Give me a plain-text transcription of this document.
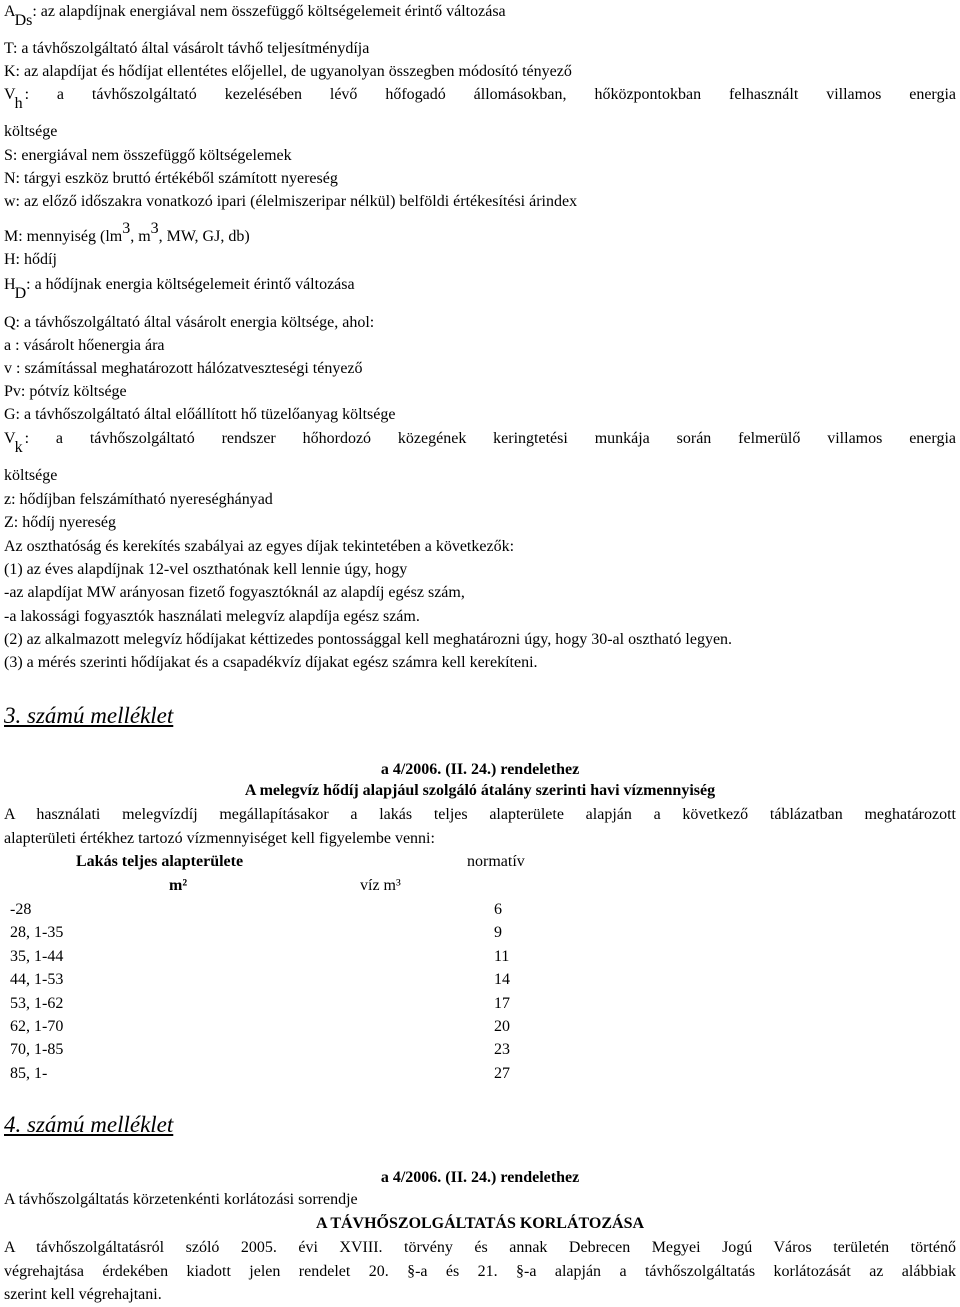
$A_{Ds}$: az alapdíjnak energiával nem összefüggő költségelemeit érintő változása
T: a távhőszolgáltató által vásárolt távhő teljesítménydíja
K: az alapdíjat és hődíjat ellentétes előjellel, de ugyanolyan összegben módosító tényező
$V_h$
: a távhőszolgáltató kezelésében lévő hőfogadó állomásokban, hőközpontokban felhasznált villamos energia
költsége
S: energiával nem összefüggő költségelemek
N: tárgyi eszköz bruttó értékéből számított nyereség
w: az előző időszakra vonatkozó ipari (élelmiszeripar nélkül) belföldi értékesítési árindex
M: mennyiség ($lm^3$, $m^3$, MW, GJ, db)
H: hődíj
$H_D$: a hődíjnak energia költségelemeit érintő változása
Q: a távhőszolgáltató által vásárolt energia költsége, ahol:
a : vásárolt hőenergia ára
v : számítással meghatározott hálózatveszteségi tényező
Pv: pótvíz költsége
G: a távhőszolgáltató által előállított hő tüzelőanyag költsége
$V_k$
: a távhőszolgáltató rendszer hőhordozó közegének keringtetési munkája során felmerülő villamos energia
költsége
z: hődíjban felszámítható nyereséghányad
Z: hődíj nyereség
Az oszthatóság és kerekítés szabályai az egyes díjak tekintetében a következők:
(1) az éves alapdíjnak 12-vel oszthatónak kell lennie úgy, hogy
-az alapdíjat MW arányosan fizető fogyasztóknál az alapdíj egész szám,
-a lakossági fogyasztók használati melegvíz alapdíja egész szám.
(2) az alkalmazott melegvíz hődíjakat kéttizedes pontossággal kell meghatározni úgy, hogy 30-al osztható legyen.
(3) a mérés szerinti hődíjakat és a csapadékvíz díjakat egész számra kell kerekíteni.
3. számú melléklet
a 4/2006. (II. 24.) rendelethez
A melegvíz hődíj alapjául szolgáló átalány szerinti havi vízmennyiség
A használati melegvízdíj megállapításakor a lakás teljes alapterülete alapján a következő táblázatban meghatározott
alapterületi értékhez tartozó vízmennyiséget kell figyelembe venni:
Lakás teljes alapterülete	normatív
m²	víz m³
-28	6
28, 1-35	9
35, 1-44	11
44, 1-53	14
53, 1-62	17
62, 1-70	20
70, 1-85	23
85, 1-	27
4. számú melléklet
a 4/2006. (II. 24.) rendelethez
A távhőszolgáltatás körzetenkénti korlátozási sorrendje
A TÁVHŐSZOLGÁLTATÁS KORLÁTOZÁSA
A távhőszolgáltatásról szóló 2005. évi XVIII. törvény és annak Debrecen Megyei Jogú Város területén történő
végrehajtása érdekében kiadott jelen rendelet 20. §-a és 21. §-a alapján a távhőszolgáltatás korlátozását az alábbiak
szerint kell végrehajtani.
